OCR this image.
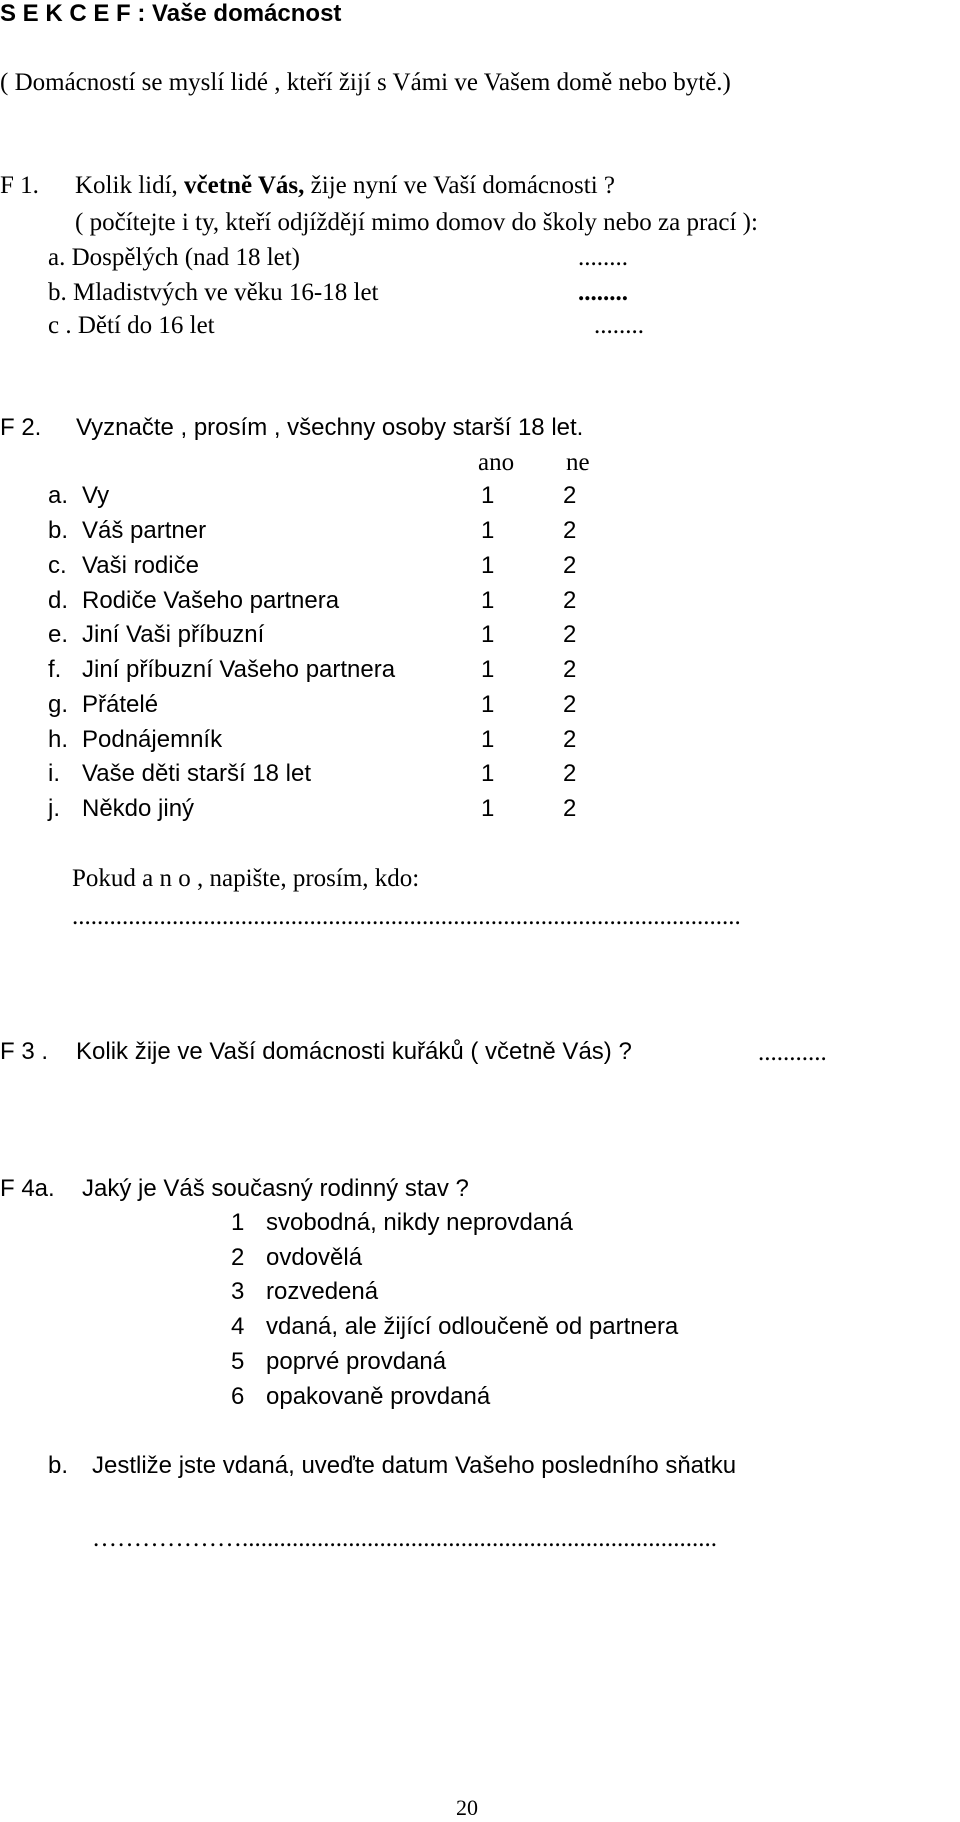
S E K C E F : Vaše domácnost
( Domácností se myslí lidé , kteří žijí s Vámi ve Vašem domě nebo bytě.)
F 1. Kolik lidí, včetně Vás, žije nyní ve Vaší domácnosti ?
( počítejte i ty, kteří odjíždějí mimo domov do školy nebo za prací ):
a. Dospělých (nad 18 let)	........
b. Mladistvých ve věku 16-18 let	........
c . Dětí do 16 let	........
F 2. Vyznačte , prosím , všechny osoby starší 18 let.
ano ne
a. Vy	1	2
b. Váš partner	1	2
c. Vaši rodiče	1	2
d. Rodiče Vašeho partnera	1	2
e. Jiní Vaši příbuzní	1	2
f. Jiní příbuzní Vašeho partnera	1	2
g. Přátelé	1	2
h. Podnájemník	1	2
i. Vaše děti starší 18 let	1	2
j. Někdo jiný	1	2
Pokud a n o , napište, prosím, kdo:
...........................................................................................................
F 3 . Kolik žije ve Vaší domácnosti kuřáků ( včetně Vás) ?	...........
F 4a. Jaký je Váš současný rodinný stav ?
1 svobodná, nikdy neprovdaná
2 ovdovělá
3 rozvedená
4 vdaná, ale žijící odloučeně od partnera
5 poprvé provdaná
6 opakovaně provdaná
b. Jestliže jste vdaná, uveďte datum Vašeho posledního sňatku
………………............................................................................
20
